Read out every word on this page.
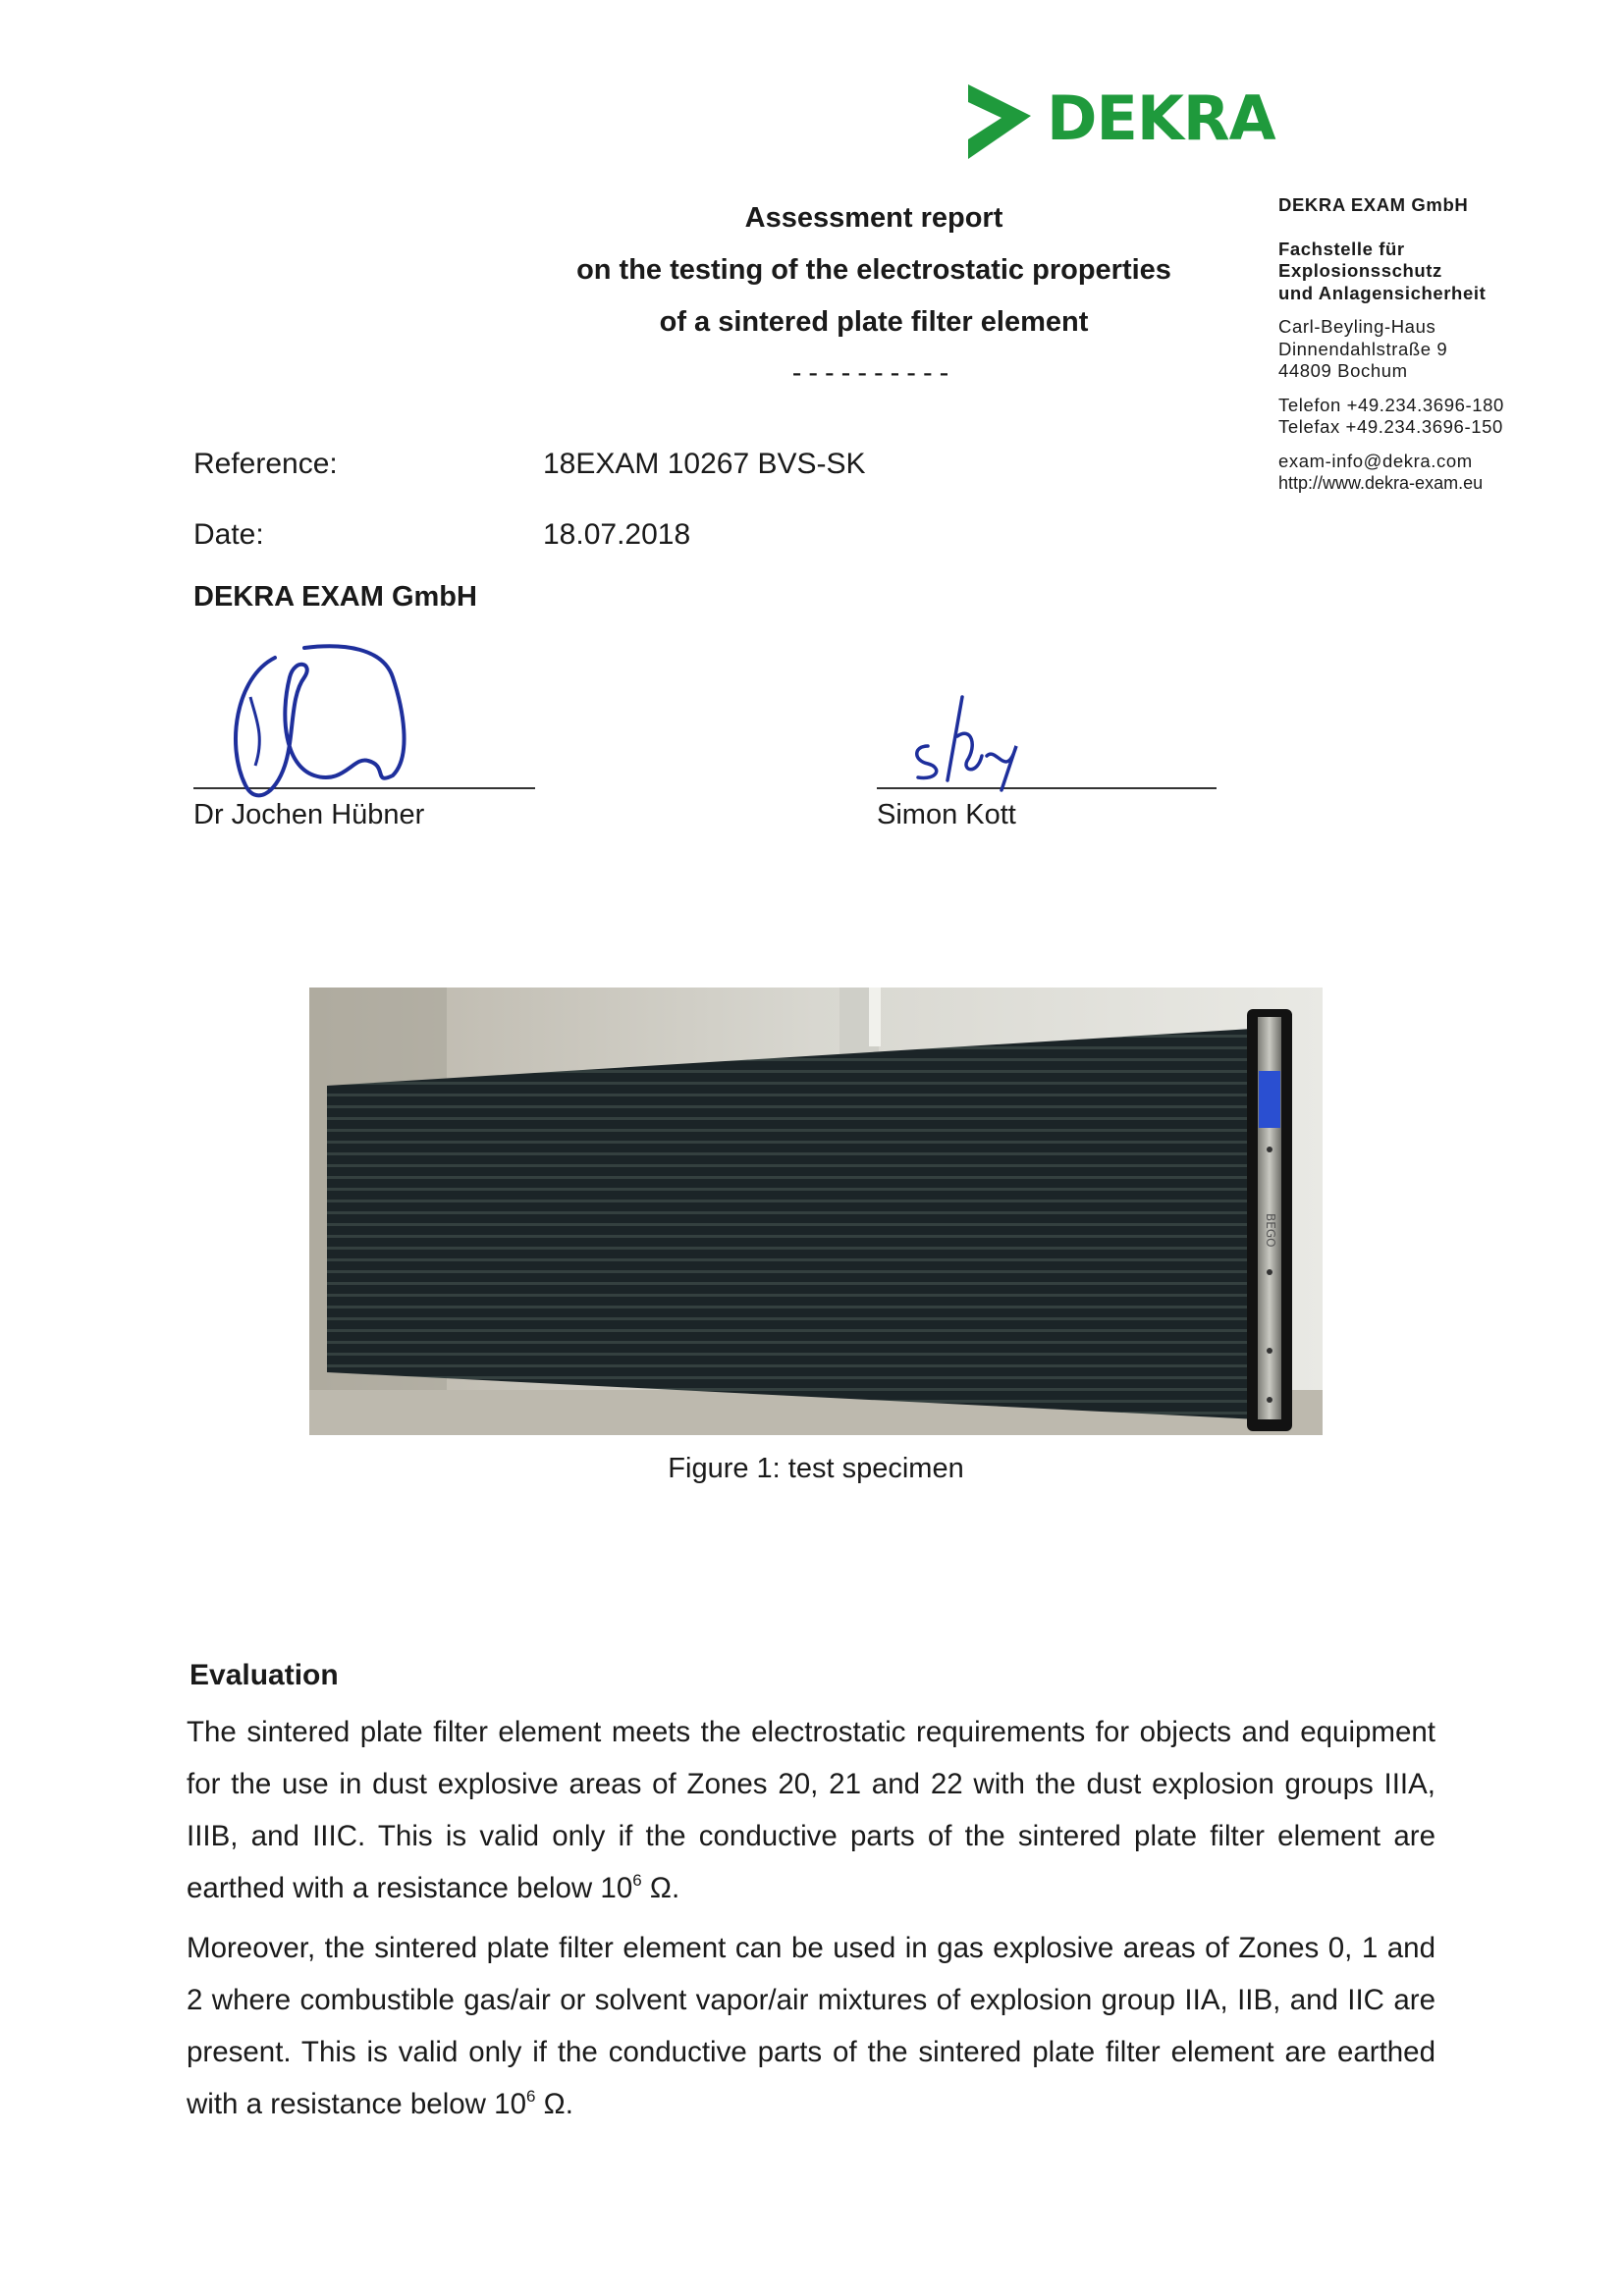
DEKRA
Assessment report
on the testing of the electrostatic properties
of a sintered plate filter element
----------
DEKRA EXAM GmbH
Fachstelle für
Explosionsschutz
und Anlagensicherheit
Carl-Beyling-Haus
Dinnendahlstraße 9
44809 Bochum
Telefon +49.234.3696-180
Telefax +49.234.3696-150
exam-info@dekra.com
http://www.dekra-exam.eu
Reference:	18EXAM 10267 BVS-SK
Date:	18.07.2018
DEKRA EXAM GmbH
Dr Jochen Hübner	Simon Kott
BEGO
Figure 1: test specimen
Evaluation
The sintered plate filter element meets the electrostatic requirements for objects and equipment for the use in dust explosive areas of Zones 20, 21 and 22 with the dust explosion groups IIIA, IIIB, and IIIC. This is valid only if the conductive parts of the sintered plate filter element are earthed with a resistance below $10^6$ Ω.
Moreover, the sintered plate filter element can be used in gas explosive areas of Zones 0, 1 and 2 where combustible gas/air or solvent vapor/air mixtures of explosion group IIA, IIB, and IIC are present. This is valid only if the conductive parts of the sintered plate filter element are earthed with a resistance below $10^6$ Ω.
